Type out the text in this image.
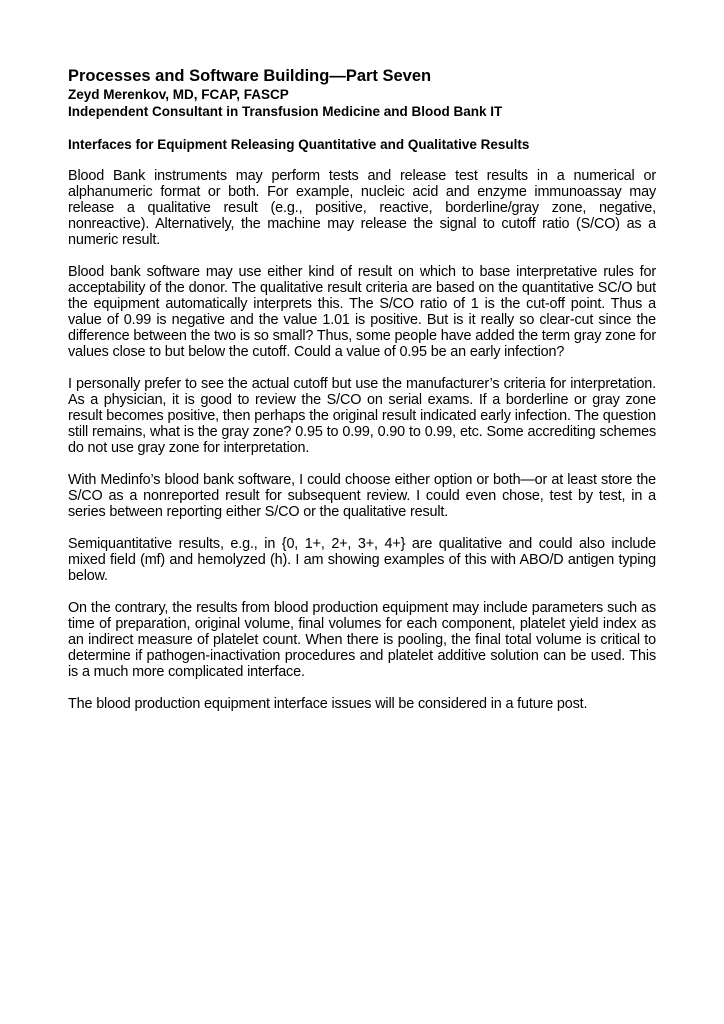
Processes and Software Building—Part Seven

Zeyd Merenkov, MD, FCAP, FASCP

Independent Consultant in Transfusion Medicine and Blood Bank IT

Interfaces for Equipment Releasing Quantitative and Qualitative Results

Blood Bank instruments may perform tests and release test results in a numerical or alphanumeric format or both. For example, nucleic acid and enzyme immunoassay may release a qualitative result (e.g., positive, reactive, borderline/gray zone, negative, nonreactive). Alternatively, the machine may release the signal to cutoff ratio (S/CO) as a numeric result.

Blood bank software may use either kind of result on which to base interpretative rules for acceptability of the donor. The qualitative result criteria are based on the quantitative SC/O but the equipment automatically interprets this. The S/CO ratio of 1 is the cut-off point. Thus a value of 0.99 is negative and the value 1.01 is positive. But is it really so clear-cut since the difference between the two is so small? Thus, some people have added the term gray zone for values close to but below the cutoff. Could a value of 0.95 be an early infection?

I personally prefer to see the actual cutoff but use the manufacturer’s criteria for interpretation. As a physician, it is good to review the S/CO on serial exams. If a borderline or gray zone result becomes positive, then perhaps the original result indicated early infection. The question still remains, what is the gray zone? 0.95 to 0.99, 0.90 to 0.99, etc. Some accrediting schemes do not use gray zone for interpretation.

With Medinfo’s blood bank software, I could choose either option or both—or at least store the S/CO as a nonreported result for subsequent review. I could even chose, test by test, in a series between reporting either S/CO or the qualitative result.

Semiquantitative results, e.g., in {0, 1+, 2+, 3+, 4+} are qualitative and could also include mixed field (mf) and hemolyzed (h). I am showing examples of this with ABO/D antigen typing below.

On the contrary, the results from blood production equipment may include parameters such as time of preparation, original volume, final volumes for each component, platelet yield index as an indirect measure of platelet count. When there is pooling, the final total volume is critical to determine if pathogen-inactivation procedures and platelet additive solution can be used. This is a much more complicated interface.

The blood production equipment interface issues will be considered in a future post.
